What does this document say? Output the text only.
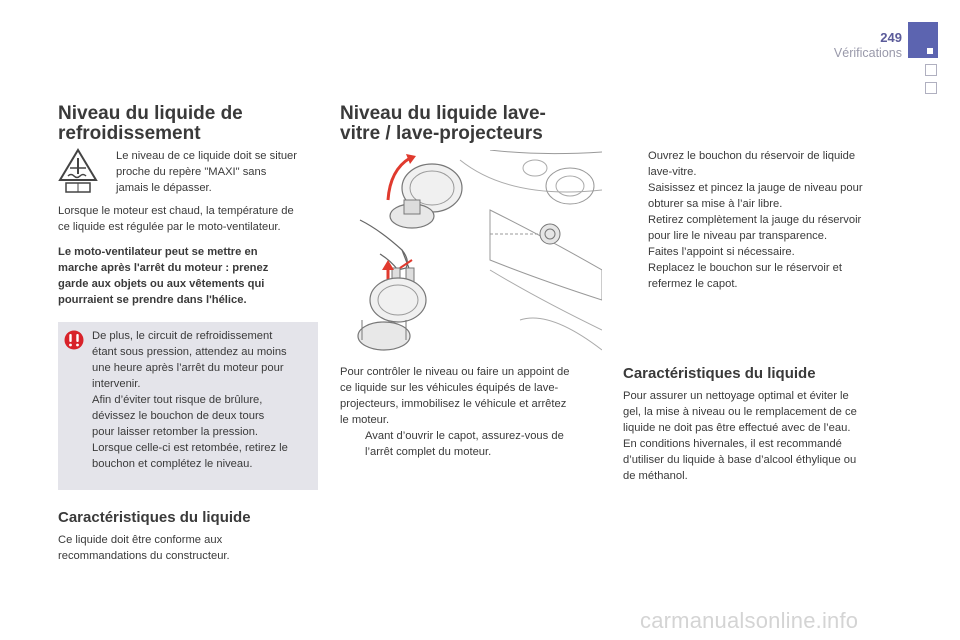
249
Vérifications
Niveau du liquide de
refroidissement
Le niveau de ce liquide doit se situer
proche du repère "MAXI" sans
jamais le dépasser.
Lorsque le moteur est chaud, la température de
ce liquide est régulée par le moto-ventilateur.
Le moto-ventilateur peut se mettre en
marche après l'arrêt du moteur : prenez
garde aux objets ou aux vêtements qui
pourraient se prendre dans l'hélice.
De plus, le circuit de refroidissement
étant sous pression, attendez au moins
une heure après l’arrêt du moteur pour
intervenir.
Afin d’éviter tout risque de brûlure,
dévissez le bouchon de deux tours
pour laisser retomber la pression.
Lorsque celle-ci est retombée, retirez le
bouchon et complétez le niveau.
Caractéristiques du liquide
Ce liquide doit être conforme aux
recommandations du constructeur.
Niveau du liquide lave-
vitre / lave-projecteurs
Pour contrôler le niveau ou faire un appoint de
ce liquide sur les véhicules équipés de lave-
projecteurs, immobilisez le véhicule et arrêtez
le moteur.
Avant d’ouvrir le capot, assurez-vous de
l’arrêt complet du moteur.
Ouvrez le bouchon du réservoir de liquide
lave-vitre.
Saisissez et pincez la jauge de niveau pour
obturer sa mise à l’air libre.
Retirez complètement la jauge du réservoir
pour lire le niveau par transparence.
Faites l’appoint si nécessaire.
Replacez le bouchon sur le réservoir et
refermez le capot.
Caractéristiques du liquide
Pour assurer un nettoyage optimal et éviter le
gel, la mise à niveau ou le remplacement de ce
liquide ne doit pas être effectué avec de l’eau.
En conditions hivernales, il est recommandé
d’utiliser du liquide à base d’alcool éthylique ou
de méthanol.
carmanualsonline.info
